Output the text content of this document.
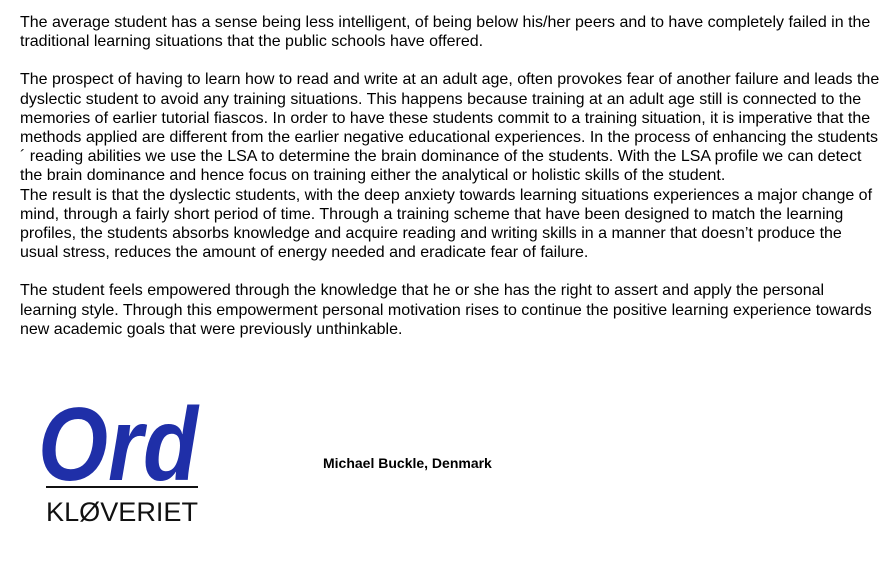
The average student has a sense being less intelligent, of being below his/her peers and to have completely failed in the traditional learning situations that the public schools have offered.

The prospect of having to learn how to read and write at an adult age, often provokes fear of another failure and leads the dyslectic student to avoid any training situations. This happens because training at an adult age still is connected to the memories of earlier tutorial fiascos. In order to have these students commit to a training situation, it is imperative that the methods applied are different from the earlier negative educational experiences. In the process of enhancing the students´ reading abilities we use the LSA to determine the brain dominance of the students. With the LSA profile we can detect the brain dominance and hence focus on training either the analytical or holistic skills of the student.

The result is that the dyslectic students, with the deep anxiety towards learning situations experiences a major change of mind, through a fairly short period of time. Through a training scheme that have been designed to match the learning profiles, the students absorbs knowledge and acquire reading and writing skills in a manner that doesn’t produce the usual stress, reduces the amount of energy needed and eradicate fear of failure.

The student feels empowered through the knowledge that he or she has the right to assert and apply the personal learning style. Through this empowerment personal motivation rises to continue the positive learning experience towards new academic goals that were previously unthinkable.

Ord
KLØVERIET
Michael Buckle, Denmark
